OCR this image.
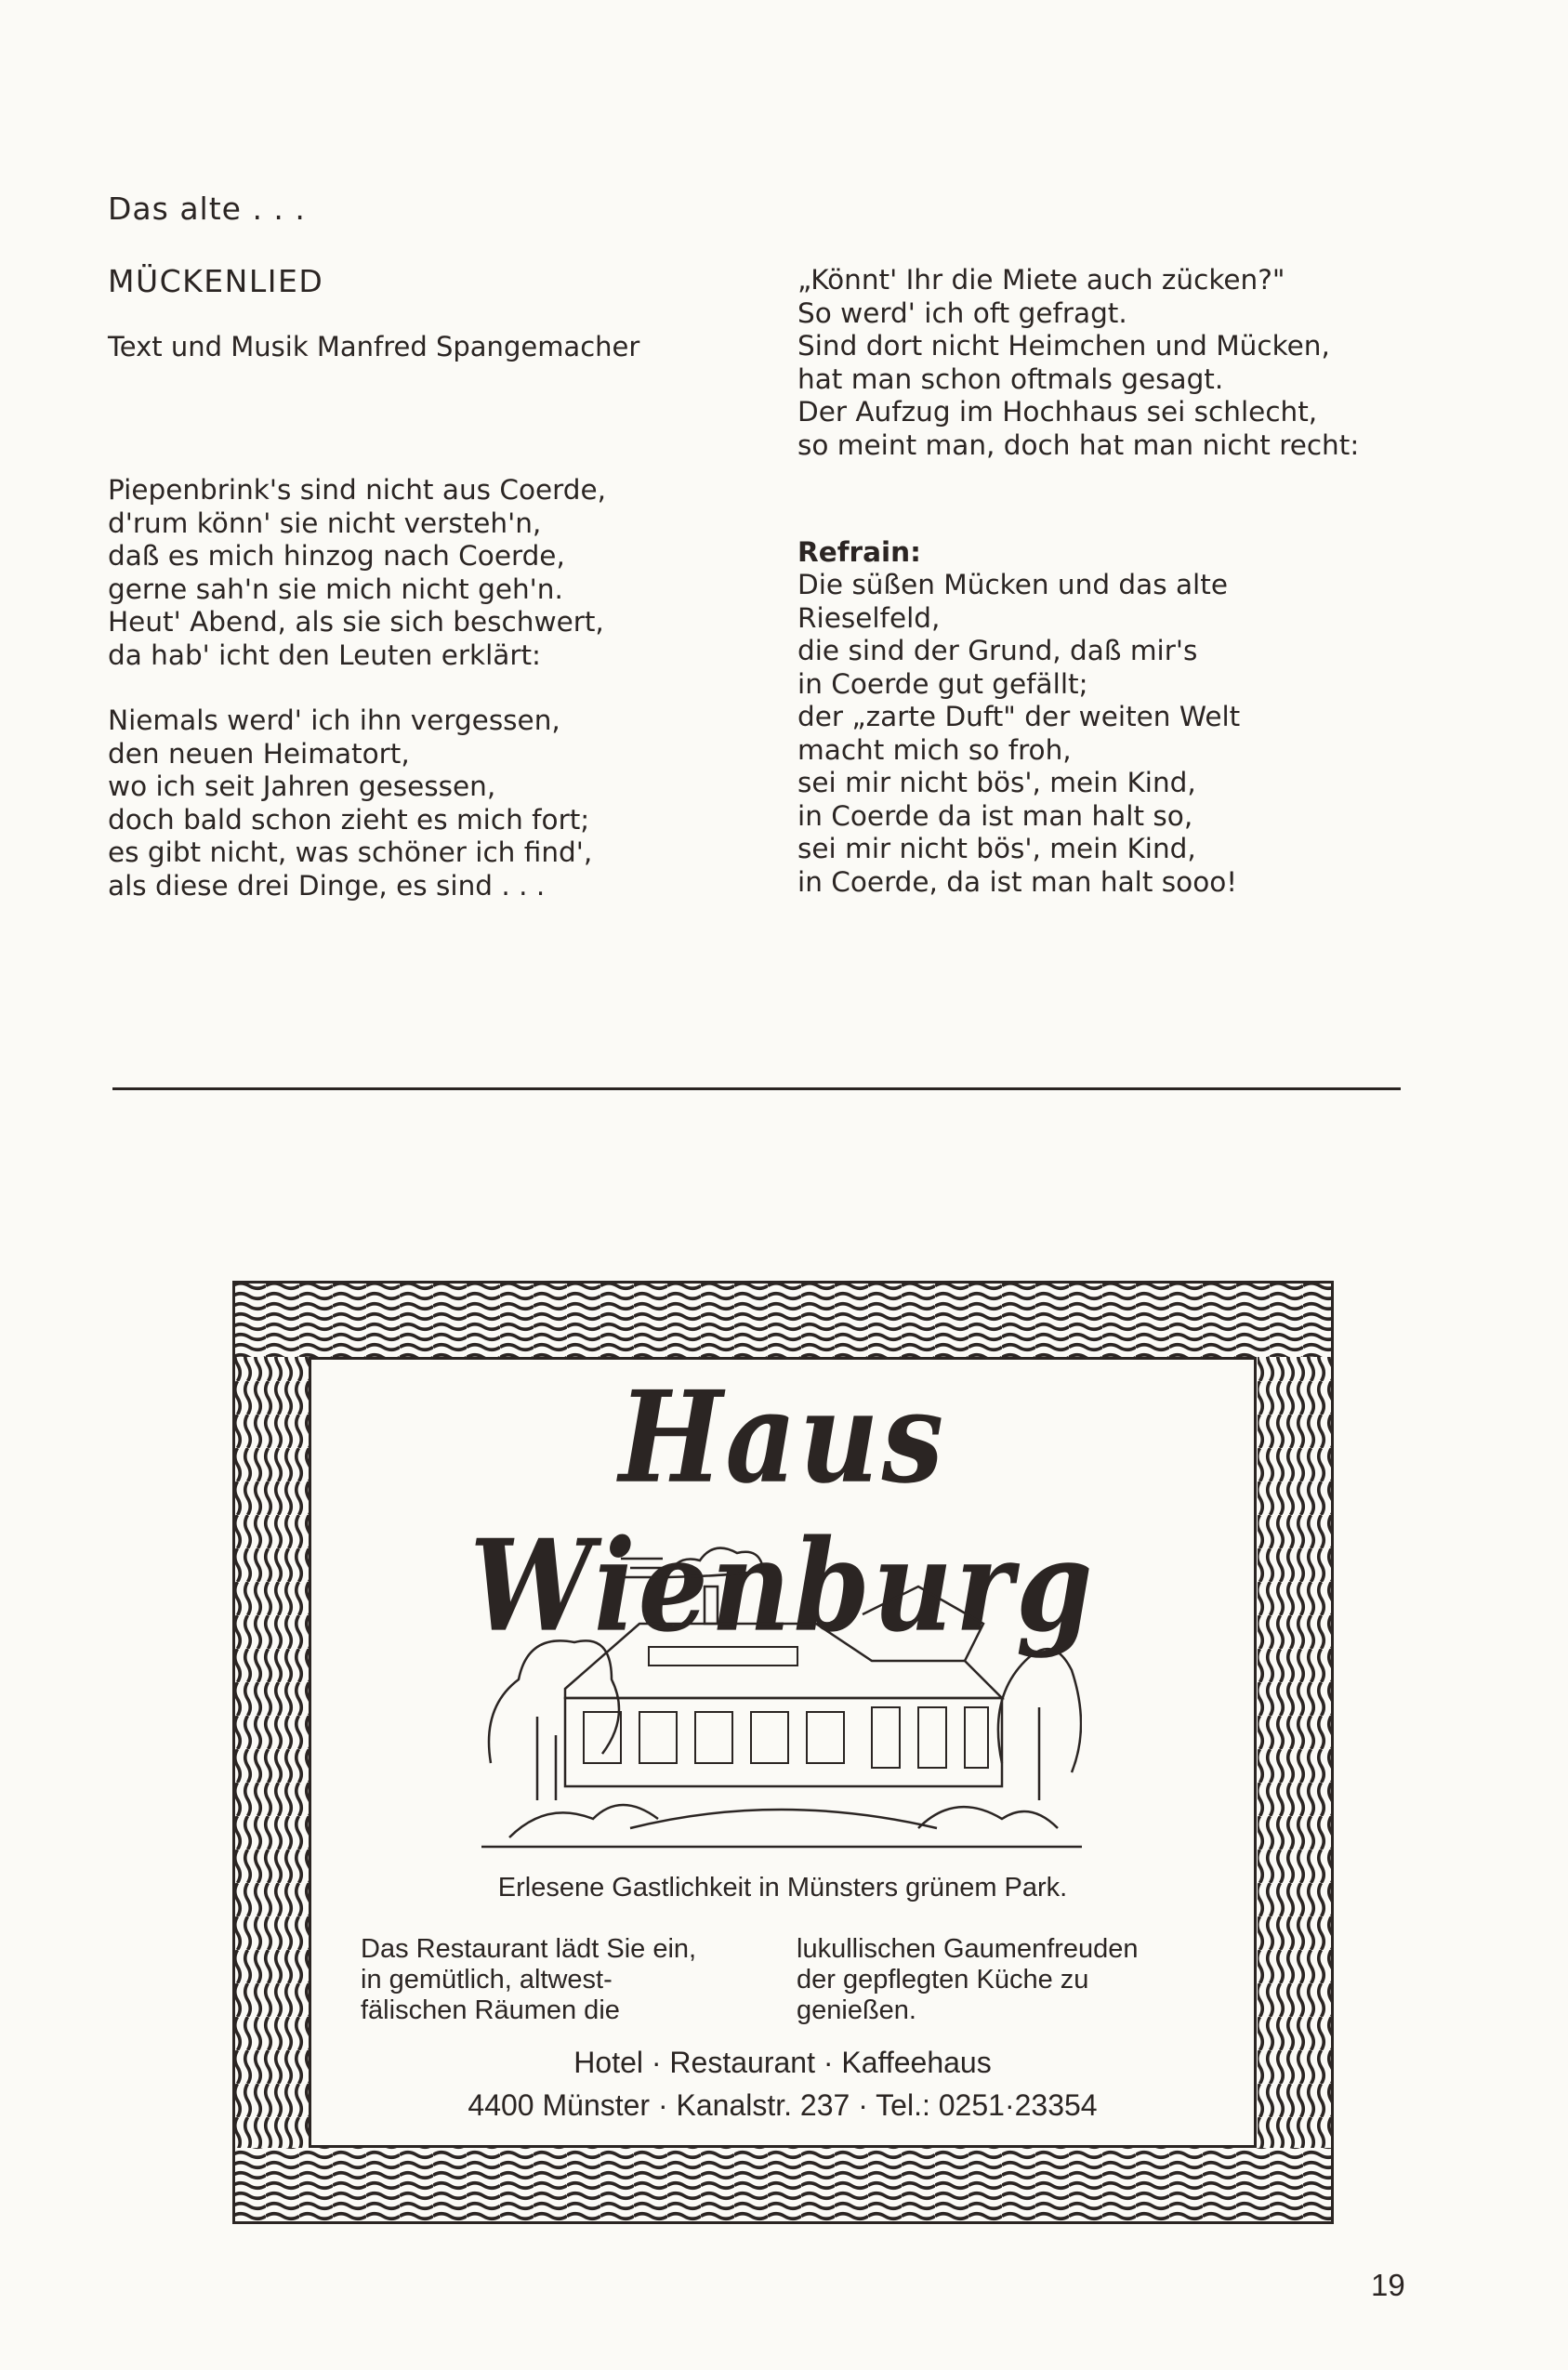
Das alte . . .
MÜCKENLIED
Text und Musik Manfred Spangemacher

Piepenbrink's sind nicht aus Coerde,
d'rum könn' sie nicht versteh'n,
daß es mich hinzog nach Coerde,
gerne sah'n sie mich nicht geh'n.
Heut' Abend, als sie sich beschwert,
da hab' icht den Leuten erklärt:

Niemals werd' ich ihn vergessen,
den neuen Heimatort,
wo ich seit Jahren gesessen,
doch bald schon zieht es mich fort;
es gibt nicht, was schöner ich find',
als diese drei Dinge, es sind . . .

„Könnt' Ihr die Miete auch zücken?"
So werd' ich oft gefragt.
Sind dort nicht Heimchen und Mücken,
hat man schon oftmals gesagt.
Der Aufzug im Hochhaus sei schlecht,
so meint man, doch hat man nicht recht:

Refrain:

Die süßen Mücken und das alte
Rieselfeld,
die sind der Grund, daß mir's
in Coerde gut gefällt;
der „zarte Duft" der weiten Welt
macht mich so froh,
sei mir nicht bös', mein Kind,
in Coerde da ist man halt so,
sei mir nicht bös', mein Kind,
in Coerde, da ist man halt sooo!

Haus Wienburg
Erlesene Gastlichkeit in Münsters grünem Park.

Das Restaurant lädt Sie ein,
in gemütlich, altwest-
fälischen Räumen die

lukullischen Gaumenfreuden
der gepflegten Küche zu
genießen.

Hotel · Restaurant · Kaffeehaus
4400 Münster · Kanalstr. 237 · Tel.: 0251·23354
19
